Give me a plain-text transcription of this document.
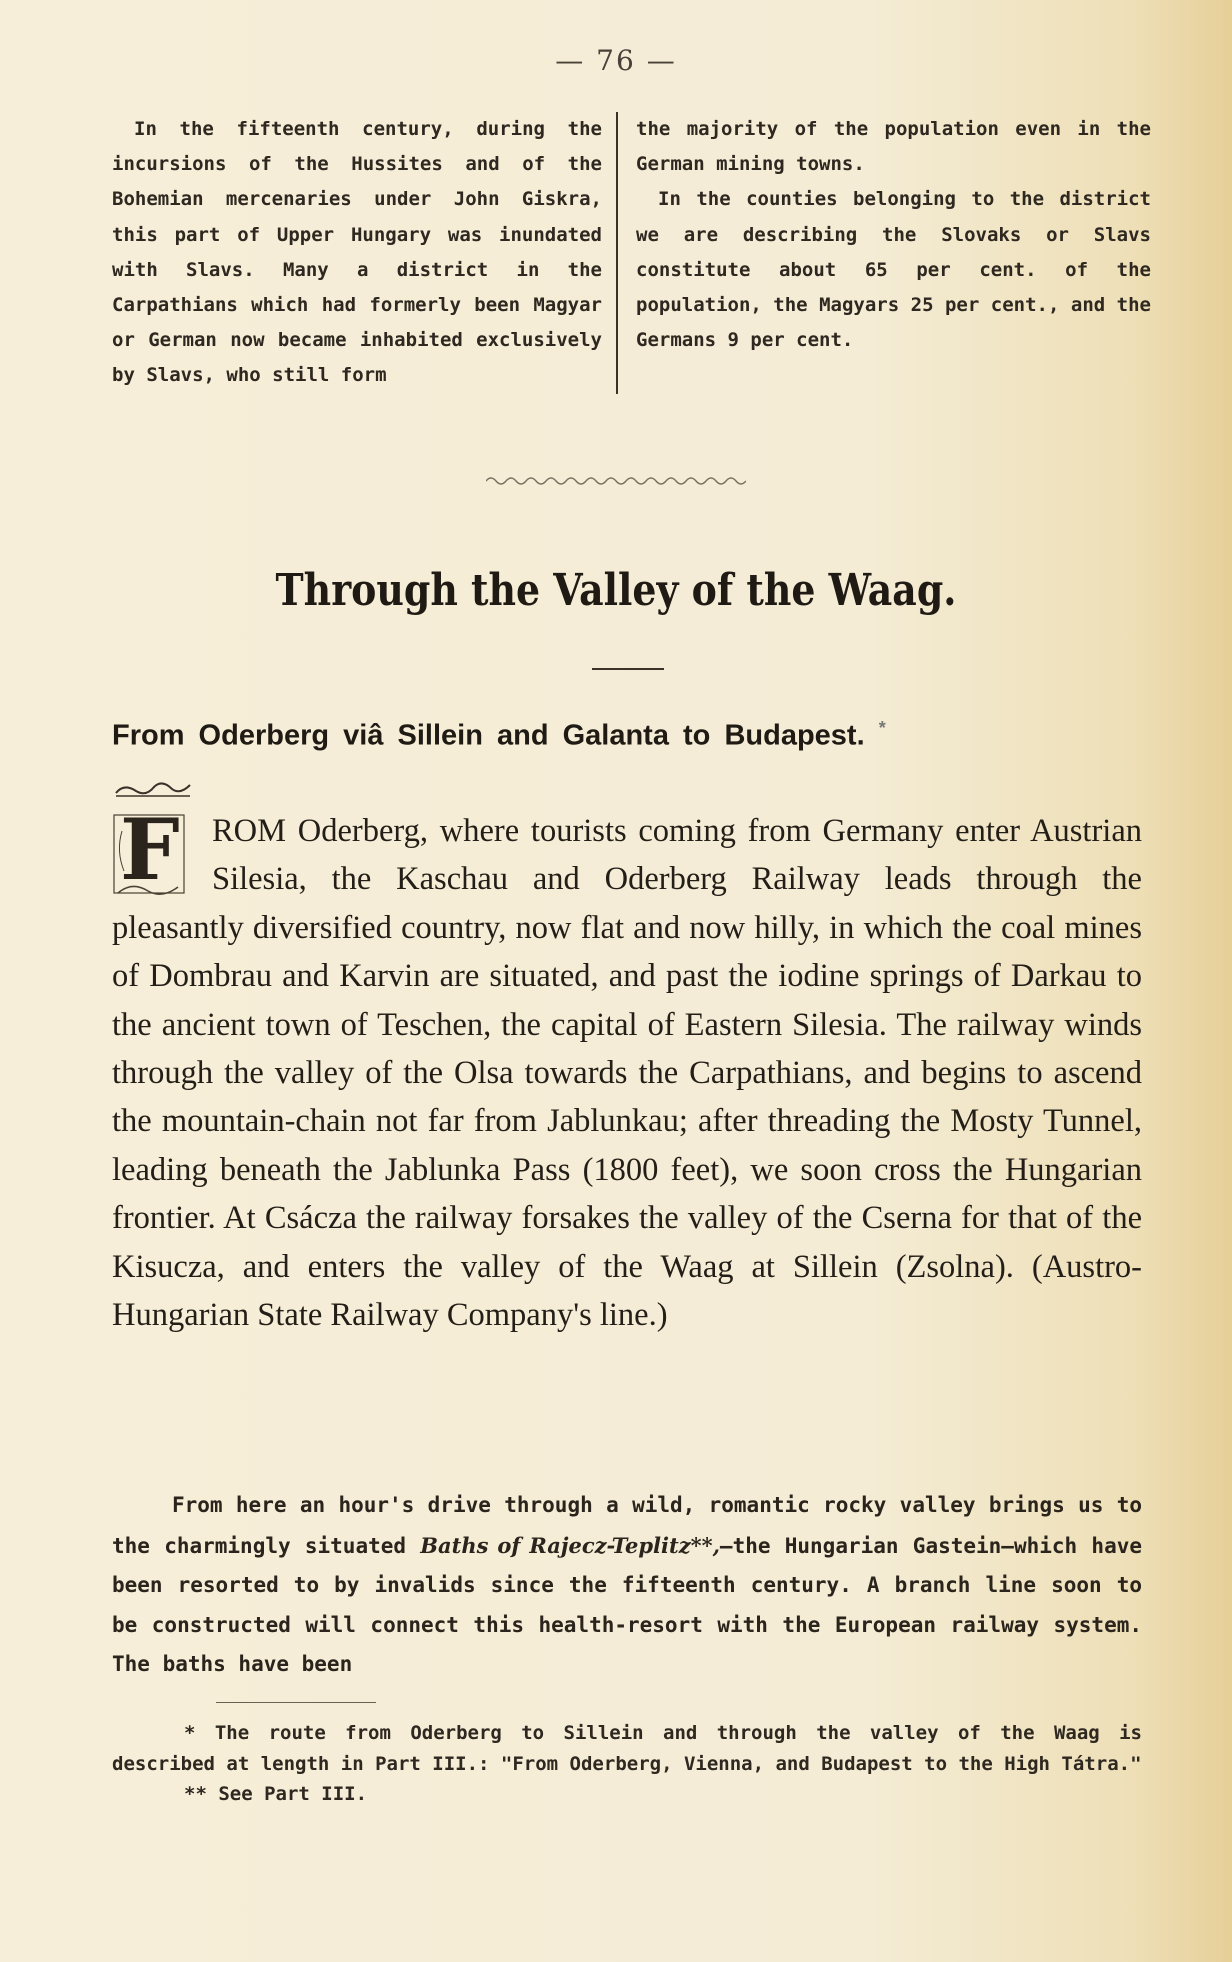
— 76 —

In the fifteenth century, during the incursions of the Hussites and of the Bohemian mercenaries under John Giskra, this part of Upper Hungary was inundated with Slavs. Many a district in the Carpathians which had formerly been Magyar or German now became inhabited exclusively by Slavs, who still form

the majority of the population even in the German mining towns.

In the counties belonging to the district we are describing the Slovaks or Slavs constitute about 65 per cent. of the population, the Magyars 25 per cent., and the Germans 9 per cent.

Through the Valley of the Waag.
From Oderberg viâ Sillein and Galanta to Budapest. *
F ROM Oderberg, where tourists coming from Germany enter Austrian Silesia, the Kaschau and Oderberg Railway leads through the pleasantly diversified country, now flat and now hilly, in which the coal mines of Dombrau and Karvin are situated, and past the iodine springs of Darkau to the ancient town of Teschen, the capital of Eastern Silesia. The railway winds through the valley of the Olsa towards the Carpathians, and begins to ascend the mountain-chain not far from Jablunkau; after threading the Mosty Tunnel, leading beneath the Jablunka Pass (1800 feet), we soon cross the Hungarian frontier. At Csácza the railway forsakes the valley of the Cserna for that of the Kisucza, and enters the valley of the Waag at Sillein (Zsolna). (Austro-Hungarian State Railway Company's line.)
From here an hour's drive through a wild, romantic rocky valley brings us to the charmingly situated Baths of Rajecz-Teplitz**,—the Hungarian Gastein—which have been resorted to by invalids since the fifteenth century. A branch line soon to be constructed will connect this health-resort with the European railway system. The baths have been

* The route from Oderberg to Sillein and through the valley of the Waag is described at length in Part III.: "From Oderberg, Vienna, and Budapest to the High Tátra."

** See Part III.
